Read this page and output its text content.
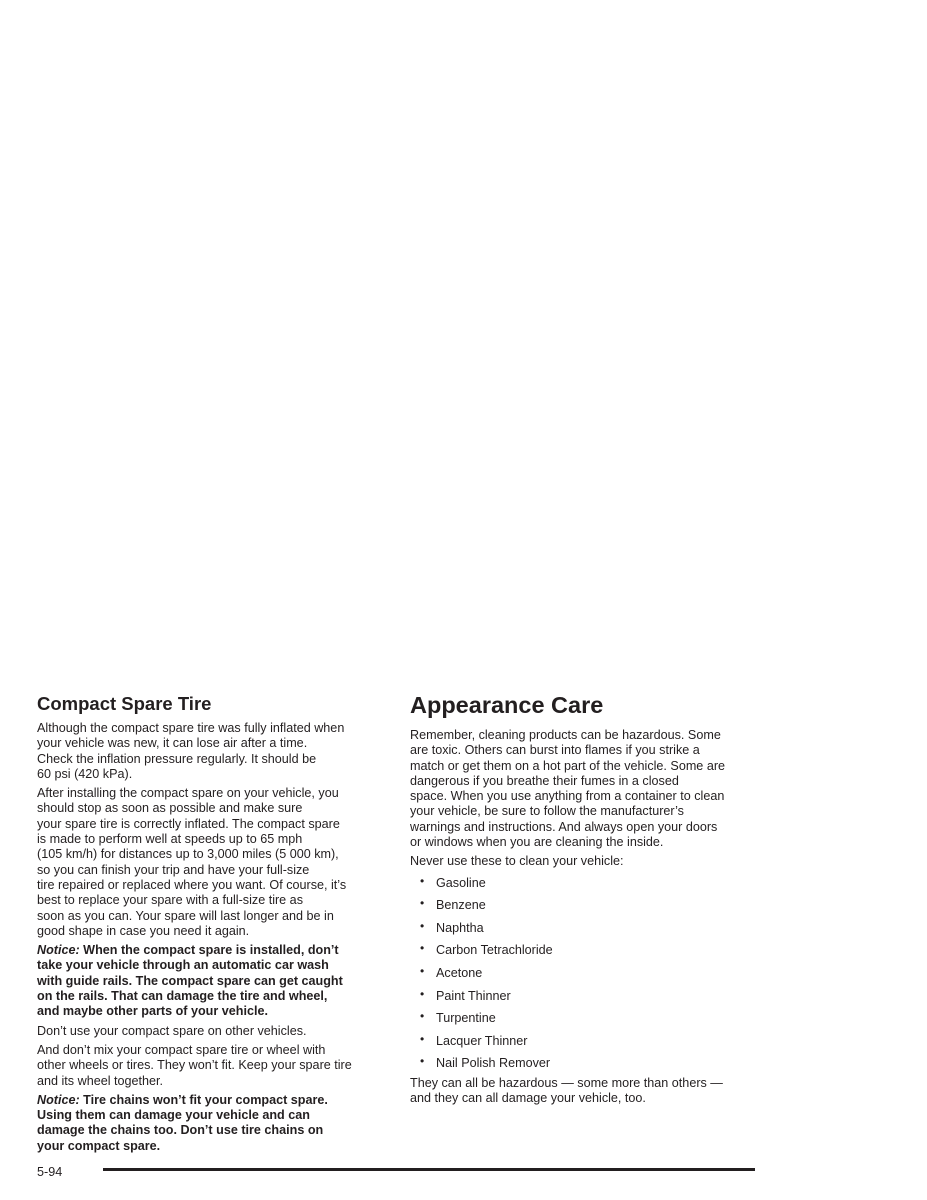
Compact Spare Tire

Although the compact spare tire was fully inflated when
your vehicle was new, it can lose air after a time.
Check the inflation pressure regularly. It should be
60 psi (420 kPa).

After installing the compact spare on your vehicle, you
should stop as soon as possible and make sure
your spare tire is correctly inflated. The compact spare
is made to perform well at speeds up to 65 mph
(105 km/h) for distances up to 3,000 miles (5 000 km),
so you can finish your trip and have your full-size
tire repaired or replaced where you want. Of course, it’s
best to replace your spare with a full-size tire as
soon as you can. Your spare will last longer and be in
good shape in case you need it again.

Notice: When the compact spare is installed, don’t
take your vehicle through an automatic car wash
with guide rails. The compact spare can get caught
on the rails. That can damage the tire and wheel,
and maybe other parts of your vehicle.

Don’t use your compact spare on other vehicles.

And don’t mix your compact spare tire or wheel with
other wheels or tires. They won’t fit. Keep your spare tire
and its wheel together.

Notice: Tire chains won’t fit your compact spare.
Using them can damage your vehicle and can
damage the chains too. Don’t use tire chains on
your compact spare.

Appearance Care

Remember, cleaning products can be hazardous. Some
are toxic. Others can burst into flames if you strike a
match or get them on a hot part of the vehicle. Some are
dangerous if you breathe their fumes in a closed
space. When you use anything from a container to clean
your vehicle, be sure to follow the manufacturer’s
warnings and instructions. And always open your doors
or windows when you are cleaning the inside.

Never use these to clean your vehicle:

• Gasoline
• Benzene
• Naphtha
• Carbon Tetrachloride
• Acetone
• Paint Thinner
• Turpentine
• Lacquer Thinner
• Nail Polish Remover

They can all be hazardous — some more than others —
and they can all damage your vehicle, too.

5-94
